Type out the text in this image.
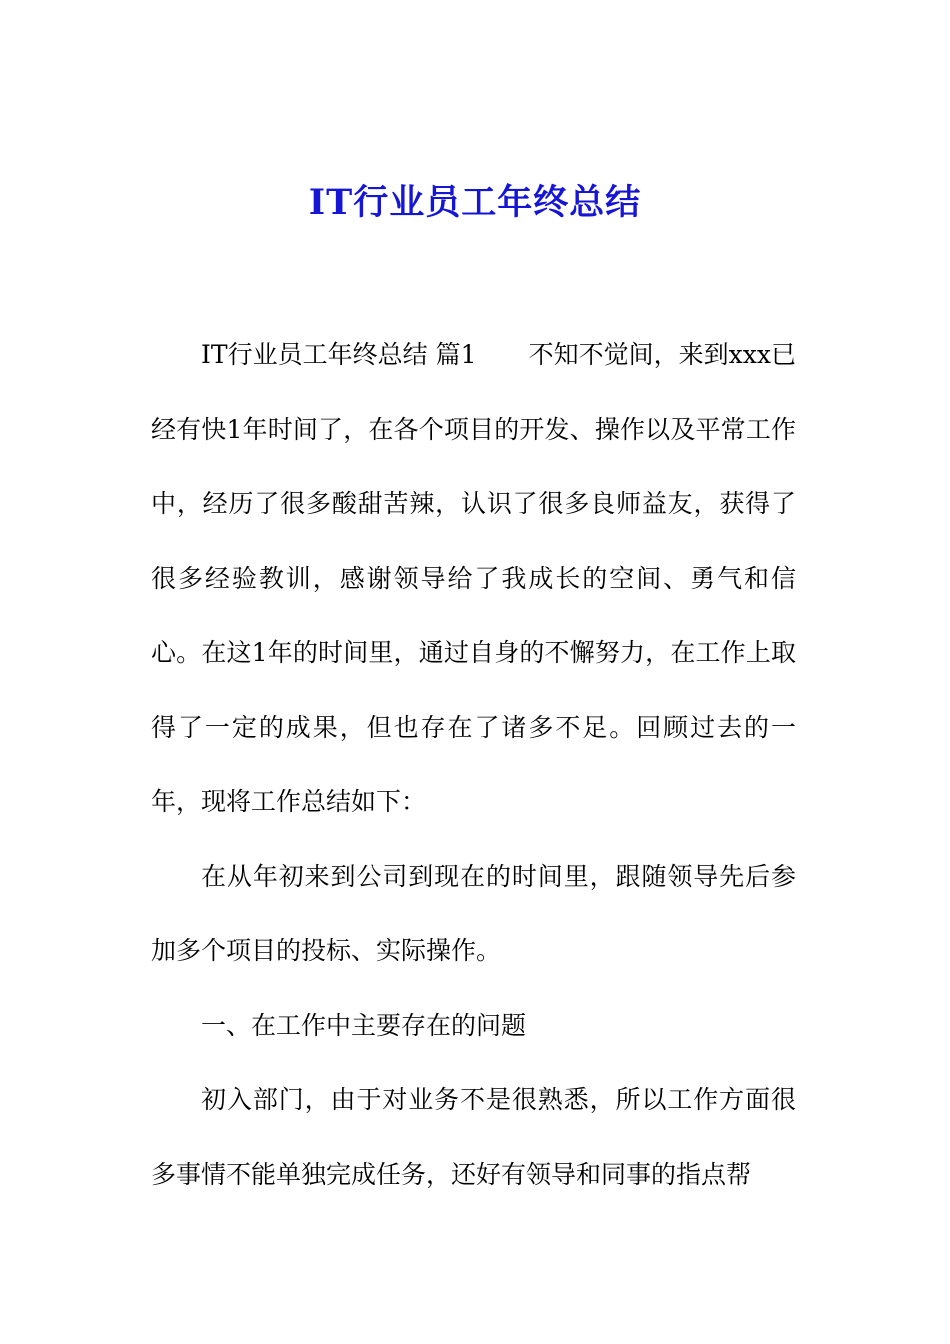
IT行业员工年终总结

IT行业员工年终总结 篇1 不知不觉间，来到xxx已经有快1年时间了，在各个项目的开发、操作以及平常工作中，经历了很多酸甜苦辣，认识了很多良师益友，获得了很多经验教训，感谢领导给了我成长的空间、勇气和信心。在这1年的时间里，通过自身的不懈努力，在工作上取得了一定的成果，但也存在了诸多不足。回顾过去的一年，现将工作总结如下：

在从年初来到公司到现在的时间里，跟随领导先后参加多个项目的投标、实际操作。

一、在工作中主要存在的问题

初入部门，由于对业务不是很熟悉，所以工作方面很多事情不能单独完成任务，还好有领导和同事的指点帮
